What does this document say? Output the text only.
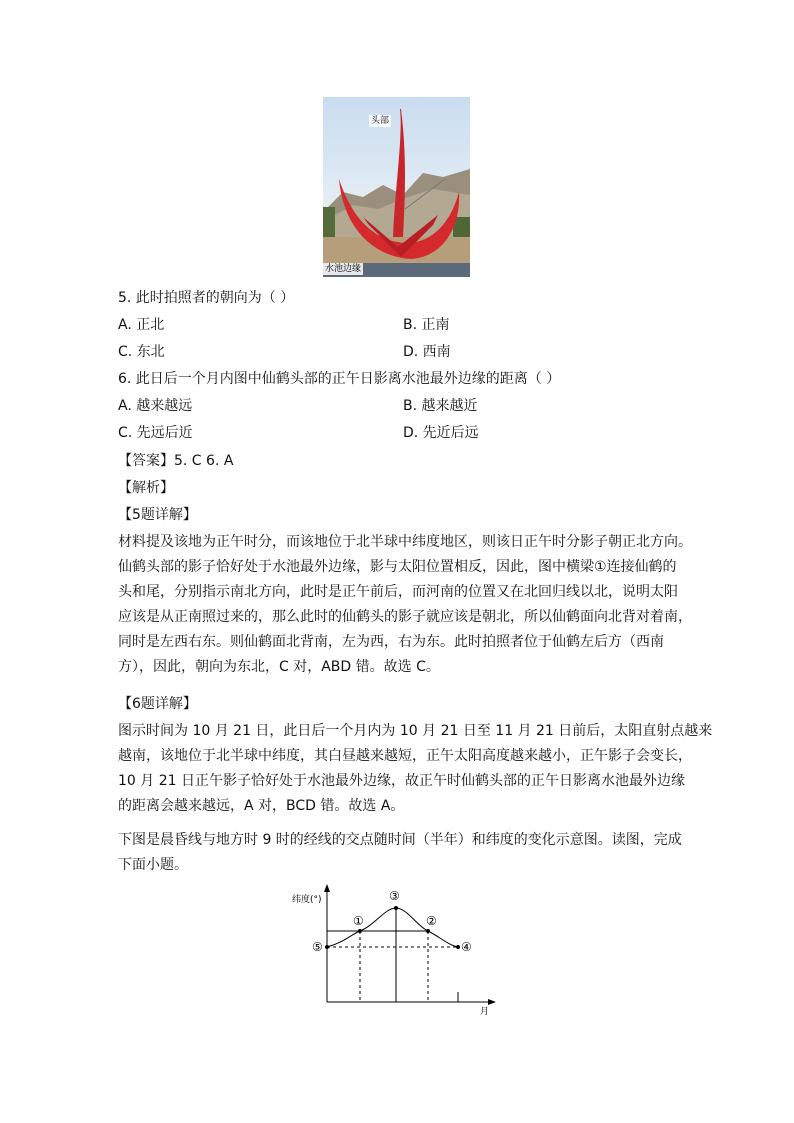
头部
水池边缘
5. 此时拍照者的朝向为（ ）
A. 正北	B. 正南
C. 东北	D. 西南
6. 此日后一个月内图中仙鹤头部的正午日影离水池最外边缘的距离（ ）
A. 越来越远	B. 越来越近
C. 先远后近	D. 先近后远
【答案】5. C 6. A
【解析】
【5题详解】
材料提及该地为正午时分，而该地位于北半球中纬度地区，则该日正午时分影子朝正北方向。
仙鹤头部的影子恰好处于水池最外边缘，影与太阳位置相反，因此，图中横梁①连接仙鹤的
头和尾，分别指示南北方向，此时是正午前后，而河南的位置又在北回归线以北，说明太阳
应该是从正南照过来的，那么此时的仙鹤头的影子就应该是朝北，所以仙鹤面向北背对着南，
同时是左西右东。则仙鹤面北背南，左为西，右为东。此时拍照者位于仙鹤左后方（西南
方），因此，朝向为东北，C 对，ABD 错。故选 C。
【6题详解】
图示时间为 10 月 21 日，此日后一个月内为 10 月 21 日至 11 月 21 日前后，太阳直射点越来
越南，该地位于北半球中纬度，其白昼越来越短，正午太阳高度越来越小，正午影子会变长，
10 月 21 日正午影子恰好处于水池最外边缘，故正午时仙鹤头部的正午日影离水池最外边缘
的距离会越来越远，A 对，BCD 错。故选 A。
下图是晨昏线与地方时 9 时的经线的交点随时间（半年）和纬度的变化示意图。读图，完成
下面小题。
纬度(°)
月
①	②
③
④
⑤
